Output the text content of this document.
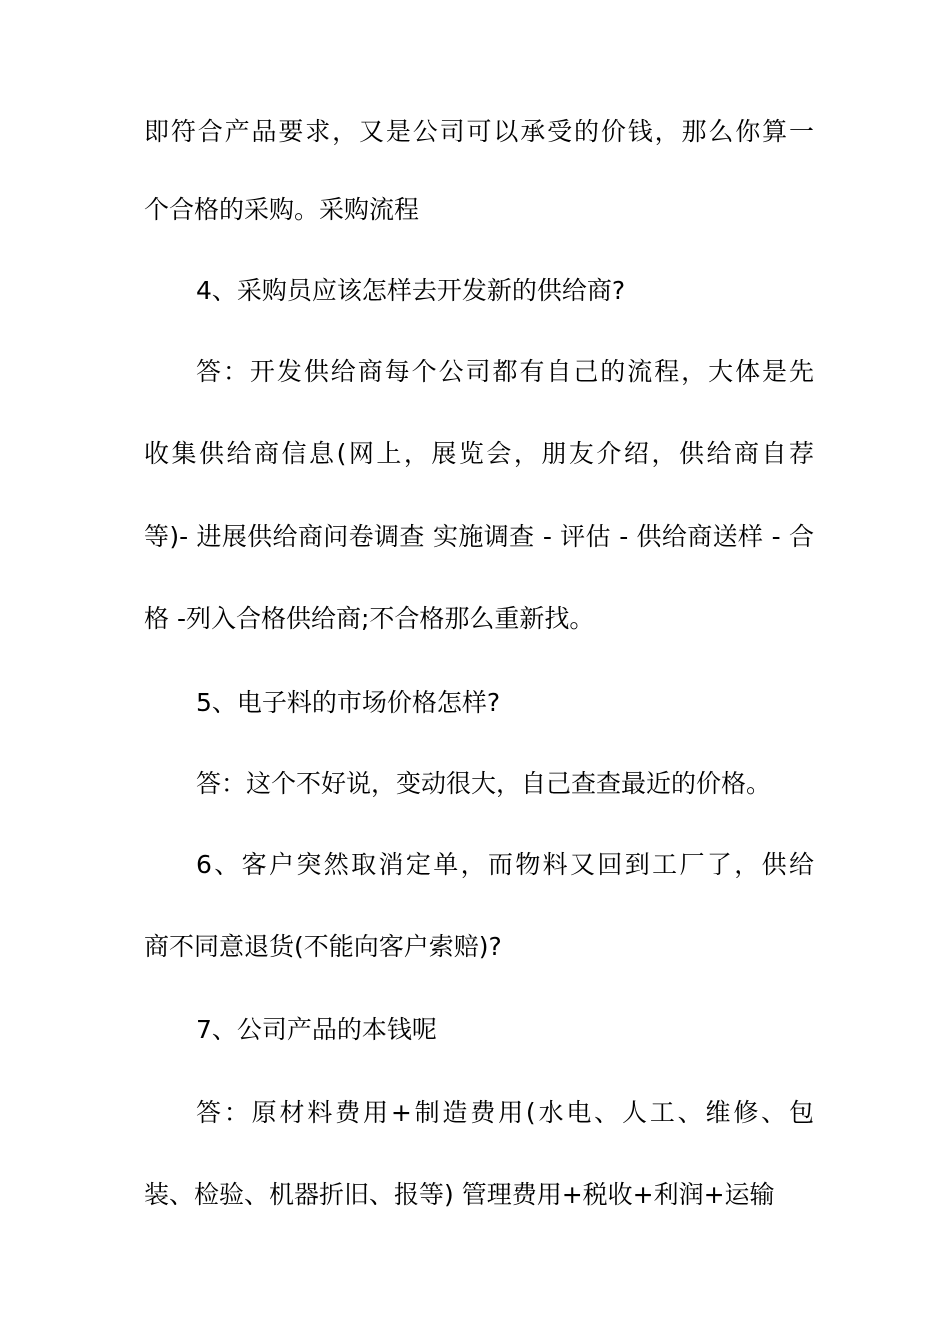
即符合产品要求，又是公司可以承受的价钱，那么你算一
个合格的采购。采购流程
4、采购员应该怎样去开发新的供给商?
答：开发供给商每个公司都有自己的流程，大体是先
收集供给商信息(网上，展览会，朋友介绍，供给商自荐
等)- 进展供给商问卷调查 实施调查 - 评估 - 供给商送样 - 合
格 -列入合格供给商;不合格那么重新找。
5、电子料的市场价格怎样?
答：这个不好说，变动很大，自己查查最近的价格。
6、客户突然取消定单，而物料又回到工厂了，供给
商不同意退货(不能向客户索赔)?
7、公司产品的本钱呢
答：原材料费用+制造费用(水电、人工、维修、包
装、检验、机器折旧、报等) 管理费用+税收+利润+运输
